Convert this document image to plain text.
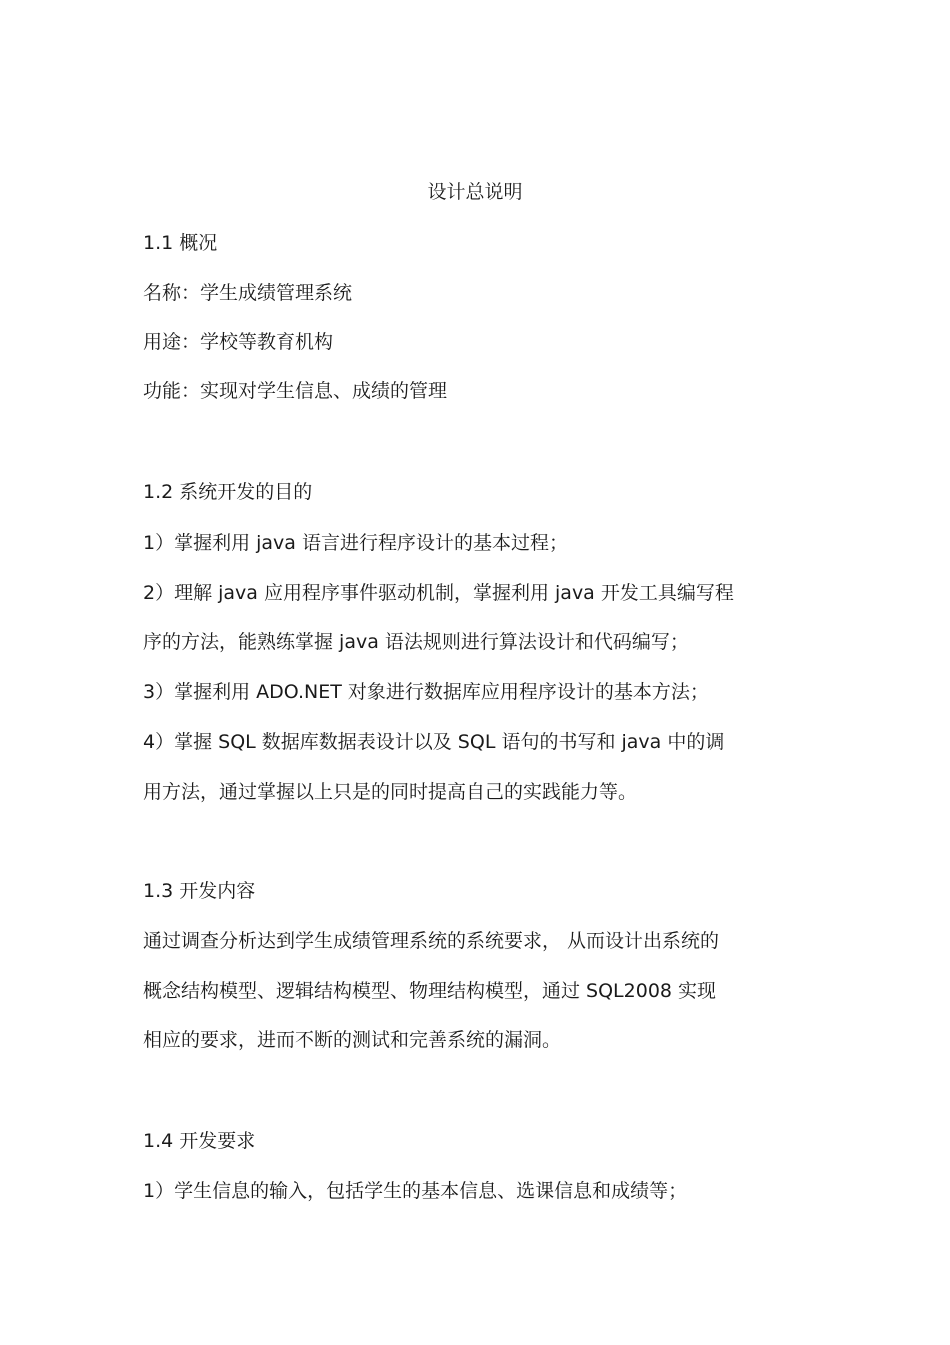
设计总说明
1.1 概况
名称：学生成绩管理系统
用途：学校等教育机构
功能：实现对学生信息、成绩的管理
1.2 系统开发的目的
1）掌握利用 java 语言进行程序设计的基本过程；
2）理解 java 应用程序事件驱动机制，掌握利用 java 开发工具编写程
序的方法，能熟练掌握 java 语法规则进行算法设计和代码编写；
3）掌握利用 ADO.NET 对象进行数据库应用程序设计的基本方法；
4）掌握 SQL 数据库数据表设计以及 SQL 语句的书写和 java 中的调
用方法，通过掌握以上只是的同时提高自己的实践能力等。
1.3 开发内容
通过调查分析达到学生成绩管理系统的系统要求， 从而设计出系统的
概念结构模型、逻辑结构模型、物理结构模型，通过 SQL2008 实现
相应的要求，进而不断的测试和完善系统的漏洞。
1.4 开发要求
1）学生信息的输入，包括学生的基本信息、选课信息和成绩等；
